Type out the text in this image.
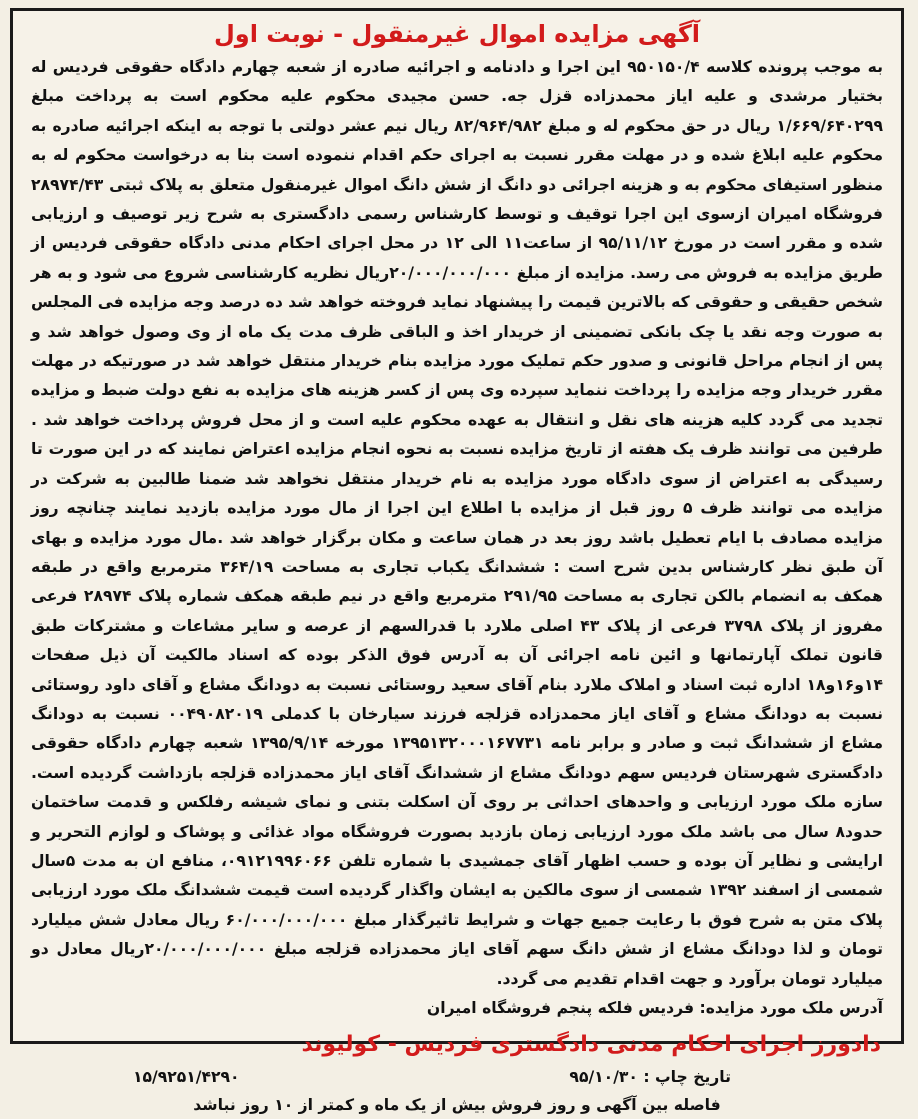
آگهی مزایده اموال غیرمنقول - نوبت اول
به موجب پرونده کلاسه ۹۵۰۱۵۰/۴ این اجرا و دادنامه و اجرائیه صادره از شعبه چهارم دادگاه حقوقی فردیس له بختیار مرشدی و علیه ایاز محمدزاده قزل جه. حسن مجیدی محکوم علیه محکوم است به پرداخت مبلغ ۱/۶۶۹/۶۴۰۲۹۹ ریال در حق محکوم له و مبلغ ۸۲/۹۶۴/۹۸۲ ریال نیم عشر دولتی با توجه به اینکه اجرائیه صادره به محکوم علیه ابلاغ شده و در مهلت مقرر نسبت به اجرای حکم اقدام ننموده است بنا به درخواست محکوم له به منظور استیفای محکوم به و هزینه اجرائی دو دانگ از شش دانگ اموال غیرمنقول متعلق به پلاک ثبتی ۲۸۹۷۴/۴۳ فروشگاه امیران ازسوی این اجرا توقیف و توسط کارشناس رسمی دادگستری به شرح زیر توصیف و ارزیابی شده و مقرر است در مورخ ۹۵/۱۱/۱۲ از ساعت۱۱ الی ۱۲ در محل اجرای احکام مدنی دادگاه حقوقی فردیس از طریق مزایده به فروش می رسد. مزایده از مبلغ ۲۰/۰۰۰/۰۰۰/۰۰۰ریال نظریه کارشناسی شروع می شود و به هر شخص حقیقی و حقوقی که بالاترین قیمت را پیشنهاد نماید فروخته خواهد شد ده درصد وجه مزایده فی المجلس به صورت وجه نقد یا چک بانکی تضمینی از خریدار اخذ و الباقی ظرف مدت یک ماه از وی وصول خواهد شد و پس از انجام مراحل قانونی و صدور حکم تملیک مورد مزایده بنام خریدار منتقل خواهد شد در صورتیکه در مهلت مقرر خریدار وجه مزایده را پرداخت ننماید سپرده وی پس از کسر هزینه های مزایده به نفع دولت ضبط و مزایده تجدید می گردد کلیه هزینه های نقل و انتقال به عهده محکوم علیه است و از محل فروش پرداخت خواهد شد . طرفین می توانند ظرف یک هفته از تاریخ مزایده نسبت به نحوه انجام مزایده اعتراض نمایند که در این صورت تا رسیدگی به اعتراض از سوی دادگاه مورد مزایده به نام خریدار منتقل نخواهد شد ضمنا طالبین به شرکت در مزایده می توانند ظرف ۵ روز قبل از مزایده با اطلاع این اجرا از مال مورد مزایده بازدید نمایند چنانچه روز مزایده مصادف با ایام تعطیل باشد روز بعد در همان ساعت و مکان برگزار خواهد شد .مال مورد مزایده و بهای آن طبق نظر کارشناس بدین شرح است : ششدانگ یکباب تجاری به مساحت ۳۶۴/۱۹ مترمربع واقع در طبقه همکف به انضمام بالکن تجاری به مساحت ۲۹۱/۹۵ مترمربع واقع در نیم طبقه همکف شماره پلاک ۲۸۹۷۴ فرعی مفروز از پلاک ۳۷۹۸ فرعی از پلاک ۴۳ اصلی ملارد با قدرالسهم از عرصه و سایر مشاعات و مشترکات طبق قانون تملک آپارتمانها و ائین نامه اجرائی آن به آدرس فوق الذکر بوده که اسناد مالکیت آن ذیل صفحات ۱۴و۱۶و۱۸ اداره ثبت اسناد و املاک ملارد بنام آقای سعید روستائی نسبت به دودانگ مشاع و آقای داود روستائی نسبت به دودانگ مشاع و آقای ایاز محمدزاده قزلجه فرزند سیارخان با کدملی ۰۰۴۹۰۸۲۰۱۹ نسبت به دودانگ مشاع از ششدانگ ثبت و صادر و برابر نامه ۱۳۹۵۱۳۲۰۰۰۱۶۷۷۳۱ مورخه ۱۳۹۵/۹/۱۴ شعبه چهارم دادگاه حقوقی دادگستری شهرستان فردیس سهم دودانگ مشاع از ششدانگ آقای ایاز محمدزاده قزلجه بازداشت گردیده است. سازه ملک مورد ارزیابی و واحدهای احداثی بر روی آن اسکلت بتنی و نمای شیشه رفلکس و قدمت ساختمان حدود۸ سال می باشد ملک مورد ارزیابی زمان بازدید بصورت فروشگاه مواد غذائی و پوشاک و لوازم التحریر و ارایشی و نظایر آن بوده و حسب اظهار آقای جمشیدی با شماره تلفن ۰۹۱۲۱۹۹۶۰۶۶، منافع ان به مدت ۵سال شمسی از اسفند ۱۳۹۲ شمسی از سوی مالکین به ایشان واگذار گردیده است قیمت ششدانگ ملک مورد ارزیابی پلاک متن به شرح فوق با رعایت جمیع جهات و شرایط تاثیرگذار مبلغ ۶۰/۰۰۰/۰۰۰/۰۰۰ ریال معادل شش میلیارد تومان و لذا دودانگ مشاع از شش دانگ سهم آقای ایاز محمدزاده قزلجه مبلغ ۲۰/۰۰۰/۰۰۰/۰۰۰ریال معادل دو میلیارد تومان برآورد و جهت اقدام تقدیم می گردد.
آدرس ملک مورد مزایده: فردیس فلکه پنجم فروشگاه امیران
دادورز اجرای احکام مدنی دادگستری فردیس - کولیوند
تاریخ چاپ : ۹۵/۱۰/۳۰
۱۵/۹۲۵۱/۴۲۹۰
فاصله بین آگهی و روز فروش بیش از یک ماه و کمتر از ۱۰ روز نباشد
